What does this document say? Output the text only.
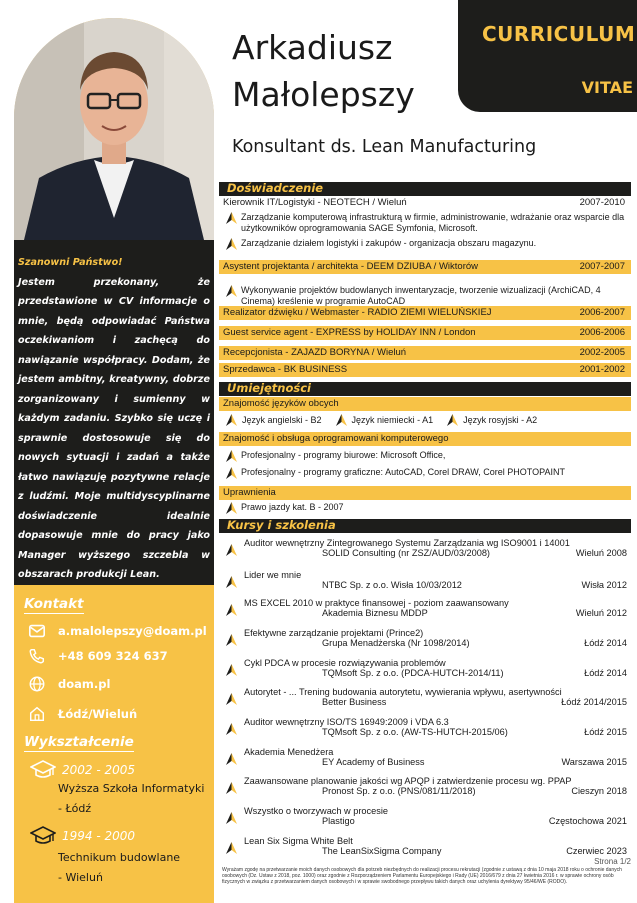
Szanowni Państwo!

Jestem przekonany, że przedstawione w CV informacje o mnie, będą odpowiadać Państwa oczekiwaniom i zachęcą do nawiązanie współpracy. Dodam, że jestem ambitny, kreatywny, dobrze zorganizowany i sumienny w każdym zadaniu. Szybko się uczę i sprawnie dostosowuje się do nowych sytuacji i zadań a także łatwo nawiązuję pozytywne relacje z ludźmi. Moje multidyscyplinarne doświadczenie idealnie dopasowuje mnie do pracy jako Manager wyższego szczebla w obszarach produkcji Lean.

Kontakt
a.malolepszy@doam.pl
+48 609 324 637
doam.pl
Łódź/Wieluń
Wykształcenie
2002 - 2005
Wyższa Szkoła Informatyki
- Łódź
1994 - 2000
Technikum budowlane
- Wieluń
Arkadiusz
Małolepszy
CURRICULUM
VITAE
Konsultant ds. Lean Manufacturing
Doświadczenie
Kierownik IT/Logistyki - NEOTECH / Wieluń	2007-2010
Zarządzanie komputerową infrastrukturą w firmie, administrowanie, wdrażanie oraz wsparcie dla użytkowników oprogramowania SAGE Symfonia, Microsoft.
Zarządzanie działem logistyki i zakupów - organizacja obszaru magazynu.
Asystent projektanta / architekta - DEEM DZIUBA / Wiktorów	2007-2007
Wykonywanie projektów budowlanych inwentaryzacje, tworzenie wizualizacji (ArchiCAD, 4 Cinema) kreślenie w programie AutoCAD
Realizator dźwięku / Webmaster - RADIO ZIEMI WIELUŃSKIEJ	2006-2007
Guest service agent - EXPRESS by HOLIDAY INN / London	2006-2006
Recepcjonista - ZAJAZD BORYNA / Wieluń	2002-2005
Sprzedawca - BK BUSINESS	2001-2002
Umiejętności
Znajomość języków obcych
Język angielski - B2	Język niemiecki - A1	Język rosyjski - A2
Znajomość i obsługa oprogramowani komputerowego
Profesjonalny - programy biurowe: Microsoft Office,
Profesjonalny - programy graficzne: AutoCAD, Corel DRAW, Corel PHOTOPAINT
Uprawnienia
Prawo jazdy kat. B - 2007
Kursy i szkolenia
Auditor wewnętrzny Zintegrowanego Systemu Zarządzania wg ISO9001 i 14001
SOLID Consulting (nr ZSZ/AUD/03/2008)	Wieluń 2008
Lider we mnie
NTBC Sp. z o.o. Wisła 10/03/2012	Wisła 2012
MS EXCEL 2010 w praktyce finansowej - poziom zaawansowany
Akademia Biznesu MDDP	Wieluń 2012
Efektywne zarządzanie projektami (Prince2)
Grupa Menadżerska (Nr 1098/2014)	Łódź 2014
Cykl PDCA w procesie rozwiązywania problemów
TQMsoft Sp. z o.o. (PDCA-HUTCH-2014/11)	Łódź 2014
Autorytet - ... Trening budowania autorytetu, wywierania wpływu, asertywności
Better Business	Łódź 2014/2015
Auditor wewnętrzny ISO/TS 16949:2009 i VDA 6.3
TQMsoft Sp. z o.o. (AW-TS-HUTCH-2015/06)	Łódź 2015
Akademia Menedżera
EY Academy of Business	Warszawa 2015
Zaawansowane planowanie jakości wg APQP i zatwierdzenie procesu wg. PPAP
Pronost Sp. z o.o. (PNS/081/11/2018)	Cieszyn 2018
Wszystko o tworzywach w procesie
Plastigo	Częstochowa 2021
Lean Six Sigma White Belt
The LeanSixSigma Company	Czerwiec 2023
Strona 1/2
Wyrażam zgodę na przetwarzanie moich danych osobowych dla potrzeb niezbędnych do realizacji procesu rekrutacji (zgodnie z ustawą z dnia 10 maja 2018 roku o ochronie danych osobowych (Dz. Ustaw z 2018, poz. 1000) oraz zgodnie z Rozporządzeniem Parlamentu Europejskiego i Rady (UE) 2016/679 z dnia 27 kwietnia 2016 r. w sprawie ochrony osób fizycznych w związku z przetwarzaniem danych osobowych i w sprawie swobodnego przepływu takich danych oraz uchylenia dyrektywy 95/46/WE (RODO).
